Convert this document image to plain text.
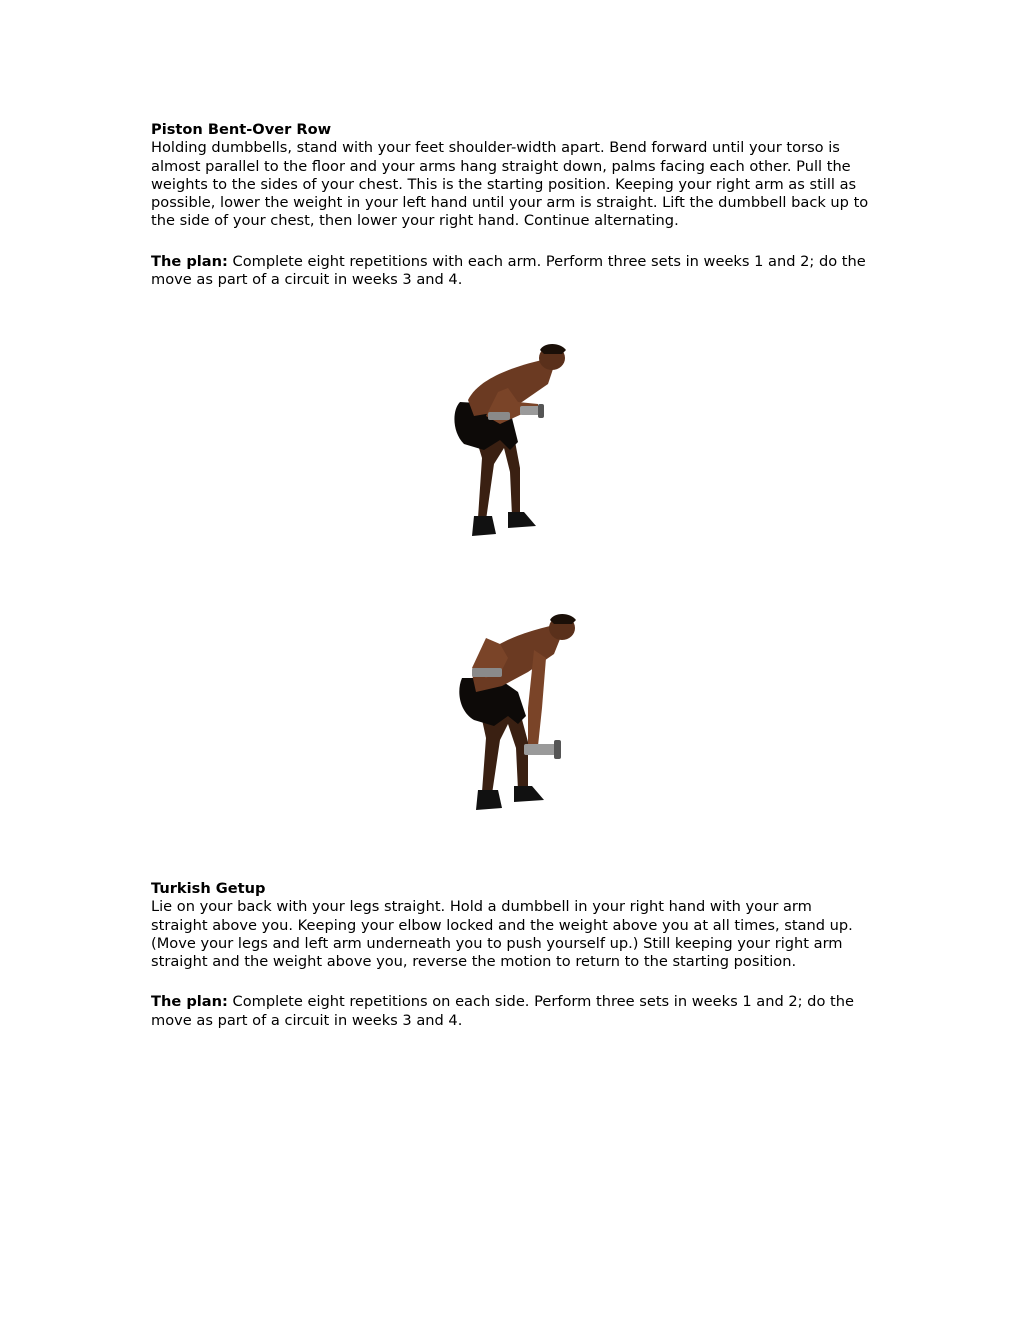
Piston Bent-Over Row
Holding dumbbells, stand with your feet shoulder-width apart. Bend forward until your torso is almost parallel to the floor and your arms hang straight down, palms facing each other. Pull the weights to the sides of your chest. This is the starting position. Keeping your right arm as still as possible, lower the weight in your left hand until your arm is straight. Lift the dumbbell back up to the side of your chest, then lower your right hand. Continue alternating.
The plan: Complete eight repetitions with each arm. Perform three sets in weeks 1 and 2; do the move as part of a circuit in weeks 3 and 4.
Turkish Getup
Lie on your back with your legs straight. Hold a dumbbell in your right hand with your arm straight above you. Keeping your elbow locked and the weight above you at all times, stand up. (Move your legs and left arm underneath you to push yourself up.) Still keeping your right arm straight and the weight above you, reverse the motion to return to the starting position.
The plan: Complete eight repetitions on each side. Perform three sets in weeks 1 and 2; do the move as part of a circuit in weeks 3 and 4.
